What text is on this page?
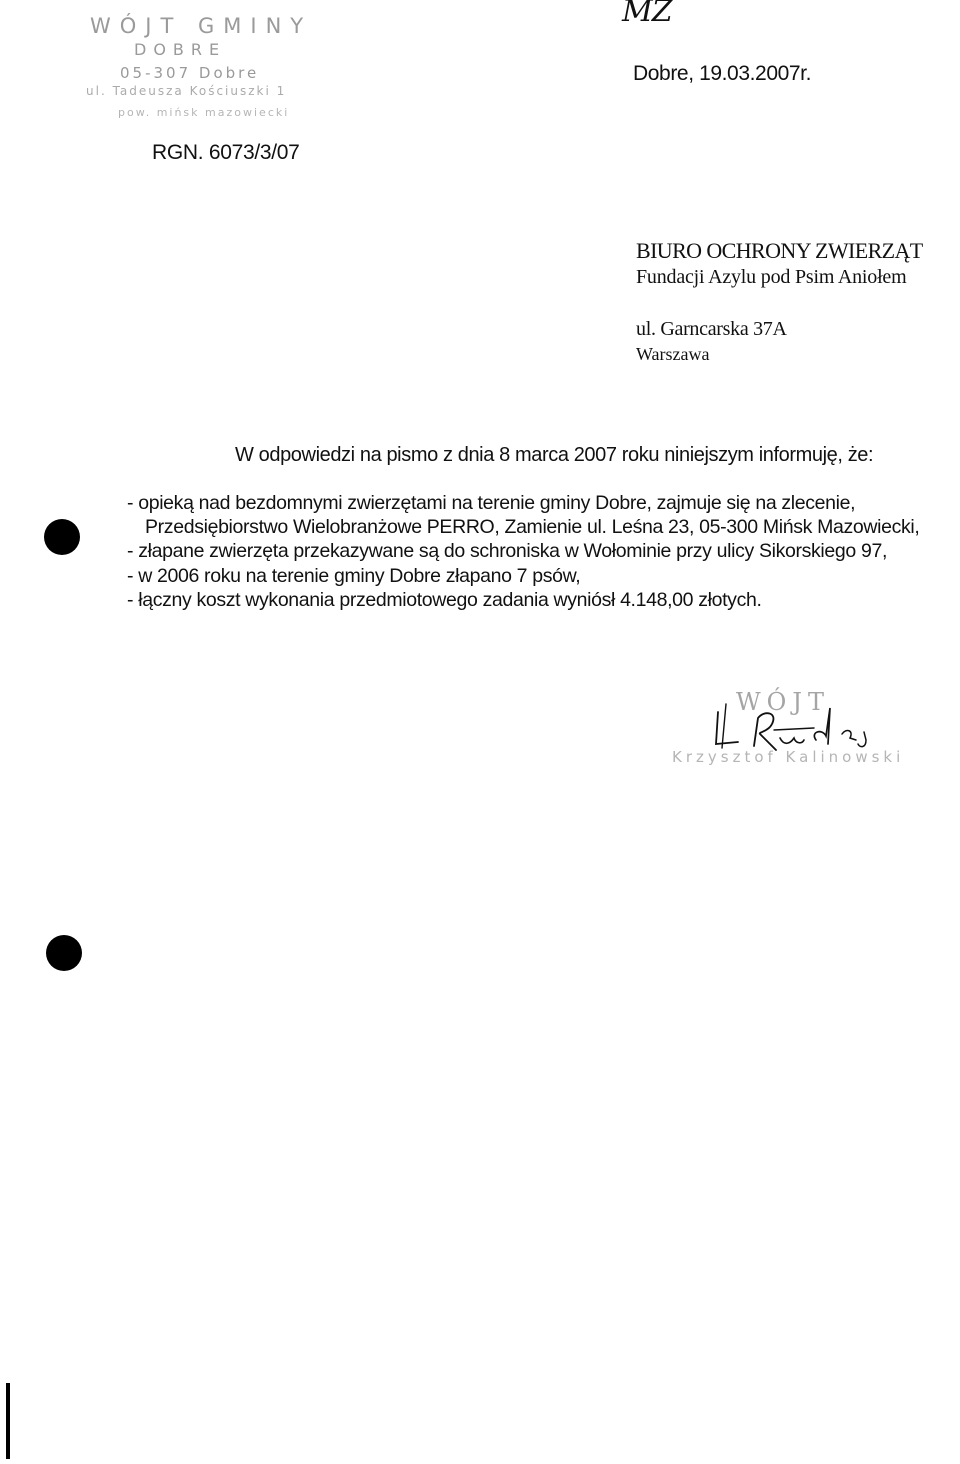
WÓJT GMINY
DOBRE
05-307 Dobre
ul. Tadeusza Kościuszki 1
pow. mińsk mazowiecki
MZ
Dobre, 19.03.2007r.
RGN. 6073/3/07
BIURO OCHRONY ZWIERZĄT
Fundacji Azylu pod Psim Aniołem
ul. Garncarska 37A
Warszawa
W odpowiedzi na pismo z dnia 8 marca 2007 roku niniejszym informuję, że:
- opieką nad bezdomnymi zwierzętami na terenie gminy Dobre, zajmuje się na zlecenie,
Przedsiębiorstwo Wielobranżowe PERRO, Zamienie ul. Leśna 23, 05-300 Mińsk Mazowiecki,
- złapane zwierzęta przekazywane są do schroniska w Wołominie przy ulicy Sikorskiego 97,
- w 2006 roku na terenie gminy Dobre złapano 7 psów,
- łączny koszt wykonania przedmiotowego zadania wyniósł 4.148,00 złotych.
WÓJT
Krzysztof Kalinowski
